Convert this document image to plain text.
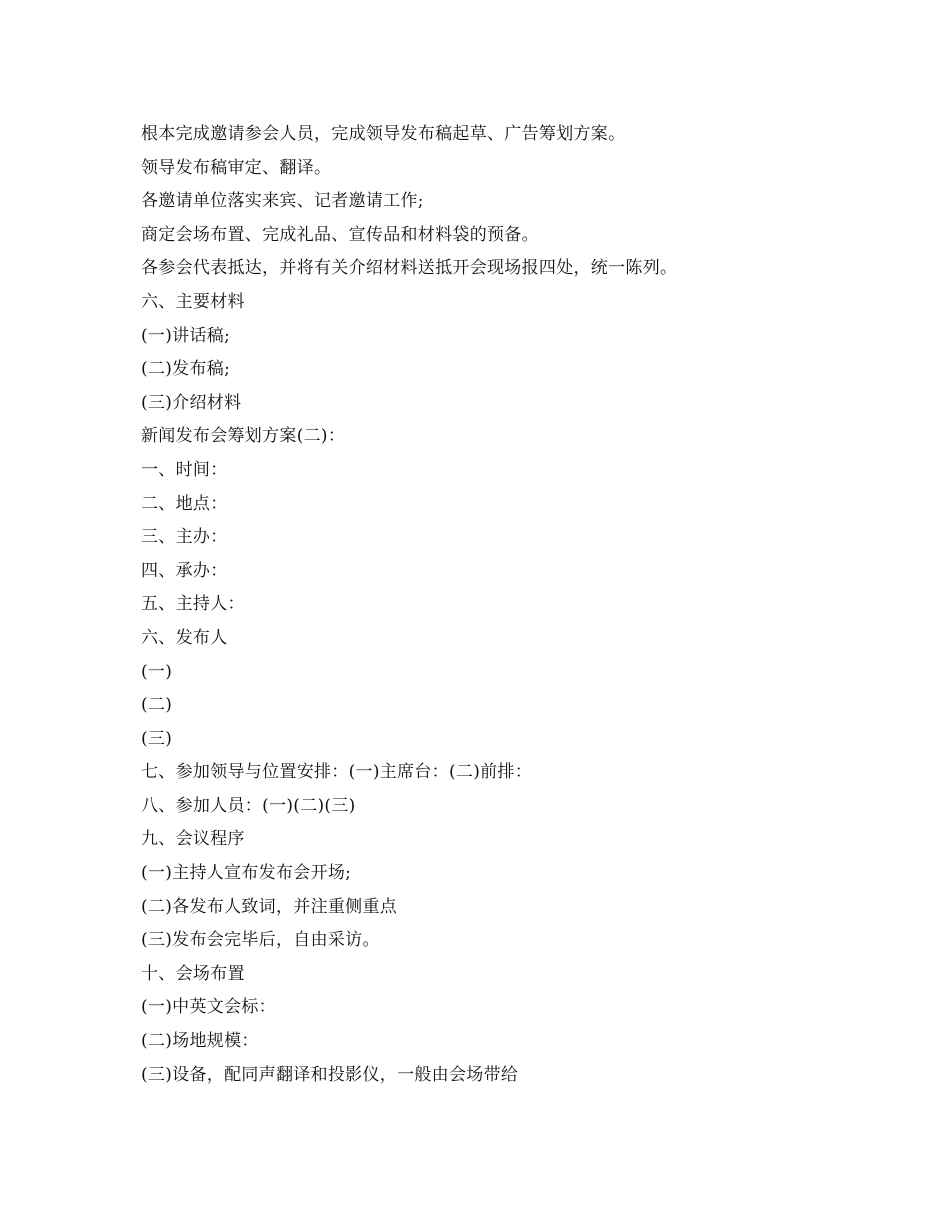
根本完成邀请参会人员，完成领导发布稿起草、广告筹划方案。
领导发布稿审定、翻译。
各邀请单位落实来宾、记者邀请工作;
商定会场布置、完成礼品、宣传品和材料袋的预备。
各参会代表抵达，并将有关介绍材料送抵开会现场报四处，统一陈列。
六、主要材料
(一)讲话稿;
(二)发布稿;
(三)介绍材料
新闻发布会筹划方案(二)：
一、时间：
二、地点：
三、主办：
四、承办：
五、主持人：
六、发布人
(一)
(二)
(三)
七、参加领导与位置安排：(一)主席台：(二)前排：
八、参加人员：(一)(二)(三)
九、会议程序
(一)主持人宣布发布会开场;
(二)各发布人致词，并注重侧重点
(三)发布会完毕后，自由采访。
十、会场布置
(一)中英文会标：
(二)场地规模：
(三)设备，配同声翻译和投影仪，一般由会场带给
